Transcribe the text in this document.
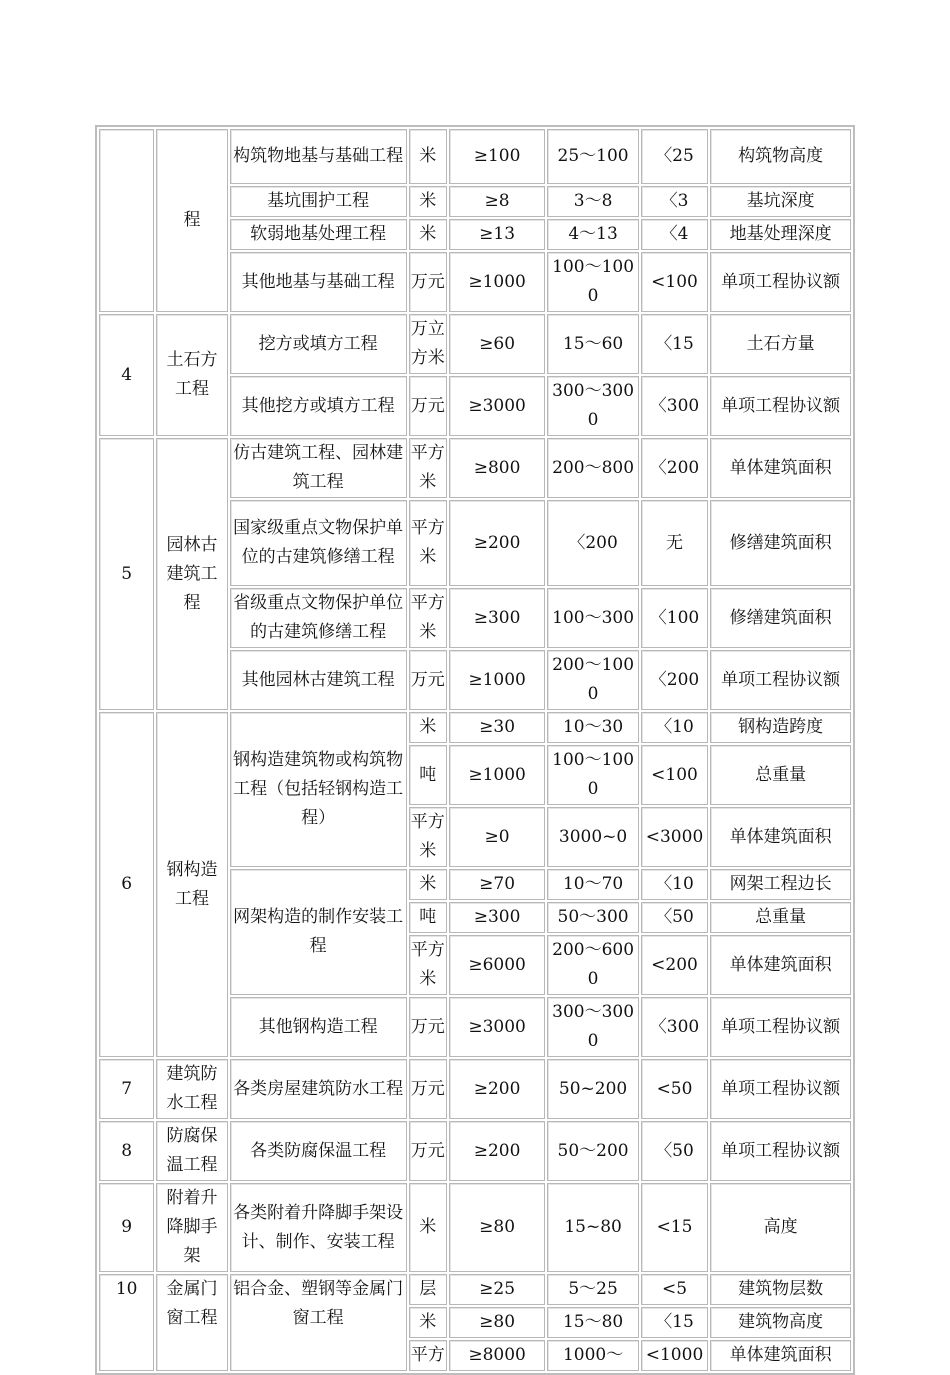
	程	构筑物地基与基础工程	米	≥100	25～100	〈25	构筑物高度
		基坑围护工程	米	≥8	3～8	〈3	基坑深度
		软弱地基处理工程	米	≥13	4～13	〈4	地基处理深度
		其他地基与基础工程	万元	≥1000	100～1000	<100	单项工程协议额
4	土石方工程	挖方或填方工程	万立方米	≥60	15～60	〈15	土石方量
		其他挖方或填方工程	万元	≥3000	300～3000	〈300	单项工程协议额
5	园林古建筑工程	仿古建筑工程、园林建筑工程	平方米	≥800	200～800	〈200	单体建筑面积
		国家级重点文物保护单位的古建筑修缮工程	平方米	≥200	〈200	无	修缮建筑面积
		省级重点文物保护单位的古建筑修缮工程	平方米	≥300	100～300	〈100	修缮建筑面积
		其他园林古建筑工程	万元	≥1000	200～1000	〈200	单项工程协议额
6	钢构造工程	钢构造建筑物或构筑物工程（包括轻钢构造工程）	米	≥30	10～30	〈10	钢构造跨度
			吨	≥1000	100～1000	<100	总重量
			平方米	≥0	3000~0	<3000	单体建筑面积
		网架构造的制作安装工程	米	≥70	10～70	〈10	网架工程边长
			吨	≥300	50～300	〈50	总重量
			平方米	≥6000	200～6000	<200	单体建筑面积
		其他钢构造工程	万元	≥3000	300～3000	〈300	单项工程协议额
7	建筑防水工程	各类房屋建筑防水工程	万元	≥200	50~200	<50	单项工程协议额
8	防腐保温工程	各类防腐保温工程	万元	≥200	50～200	〈50	单项工程协议额
9	附着升降脚手架	各类附着升降脚手架设计、制作、安装工程	米	≥80	15~80	<15	高度
10	金属门窗工程	铝合金、塑钢等金属门窗工程	层	≥25	5～25	<5	建筑物层数
			米	≥80	15～80	〈15	建筑物高度
			平方	≥8000	1000～	<1000	单体建筑面积
